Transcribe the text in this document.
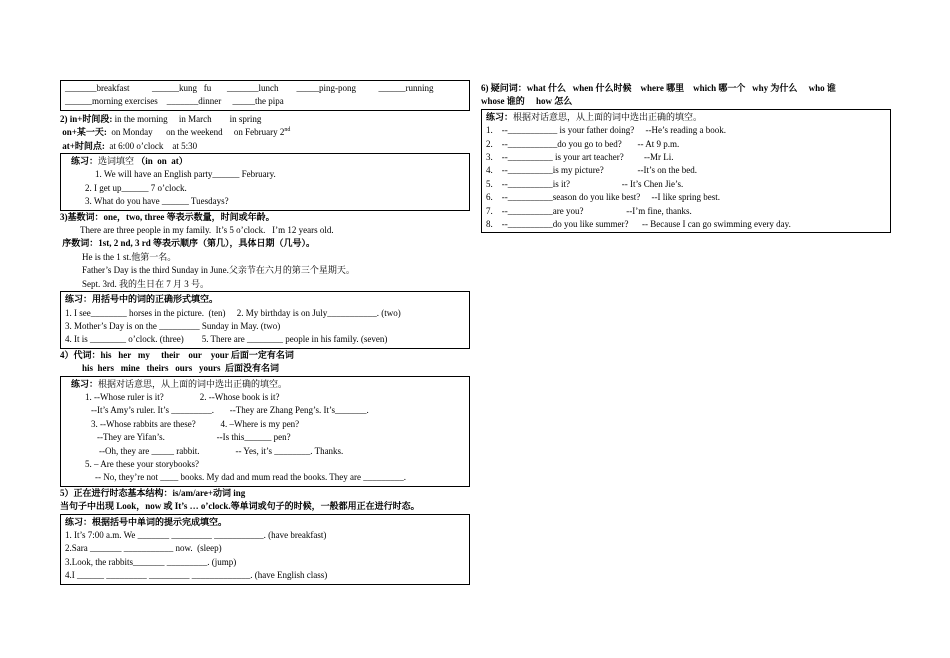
_______breakfast          ______kung   fu       _______lunch        _____ping-pong          ______running
______morning exercises    _______dinner     _____the pipa
2) in+时间段: in the morning     in March        in spring
on+某一天:  on Monday      on the weekend     on February 2nd
at+时间点:  at 6:00 o’clock    at 5:30
练习：选词填空 （in  on  at）
1. We will have an English party______ February.
2. I get up______ 7 o’clock.
3. What do you have ______ Tuesdays?
3)基数词：one，two, three 等表示数量，时间或年龄。
There are three people in my family.  It’s 5 o’clock.   I’m 12 years old.
序数词：1st, 2 nd, 3 rd 等表示顺序（第几），具体日期（几号）。
He is the 1 st.他第一名。
Father’s Day is the third Sunday in June.父亲节在六月的第三个星期天。
Sept. 3rd. 我的生日在 7 月 3 号。
练习：用括号中的词的正确形式填空。
1. I see________ horses in the picture.  (ten)     2. My birthday is on July___________. (two)
3. Mother’s Day is on the _________ Sunday in May. (two)
4. It is ________ o’clock. (three)        5. There are ________ people in his family. (seven)
4）代词：his   her   my     their    our    your 后面一定有名词
his  hers   mine   theirs   ours   yours  后面没有名词
练习：根据对话意思，从上面的词中选出正确的填空。
1. --Whose ruler is it?                2. --Whose book is it?
--It’s Amy’s ruler. It’s _________.       --They are Zhang Peng’s. It’s_______.
3. --Whose rabbits are these?           4. –Where is my pen?
--They are Yifan’s.                       --Is this______ pen?
--Oh, they are _____ rabbit.                -- Yes, it’s ________. Thanks.
5. – Are these your storybooks?
-- No, they’re not ____ books. My dad and mum read the books. They are _________.
5）正在进行时态基本结构：is/am/are+动词 ing
当句子中出现 Look，now 或 It’s … o’clock.等单词或句子的时候，一般都用正在进行时态。
练习：根据括号中单词的提示完成填空。
1. It’s 7:00 a.m. We _______ _________ ___________. (have breakfast)
2.Sara _______ ___________ now.  (sleep)
3.Look, the rabbits_______ _________. (jump)
4.I ______ _________ _________ _____________. (have English class)
6) 疑问词：what 什么   when 什么时候    where 哪里    which 哪一个   why 为什么     who 谁
whose 谁的     how 怎么
练习：根据对话意思，从上面的词中选出正确的填空。
1.    --___________ is your father doing?     --He’s reading a book.
2.    --___________do you go to bed?       -- At 9 p.m.
3.    --__________ is your art teacher?         --Mr Li.
4.    --__________is my picture?               --It’s on the bed.
5.    --__________is it?                       -- It’s Chen Jie’s.
6.    --__________season do you like best?     --I like spring best.
7.    --__________are you?                   --I’m fine, thanks.
8.    --__________do you like summer?      -- Because I can go swimming every day.
